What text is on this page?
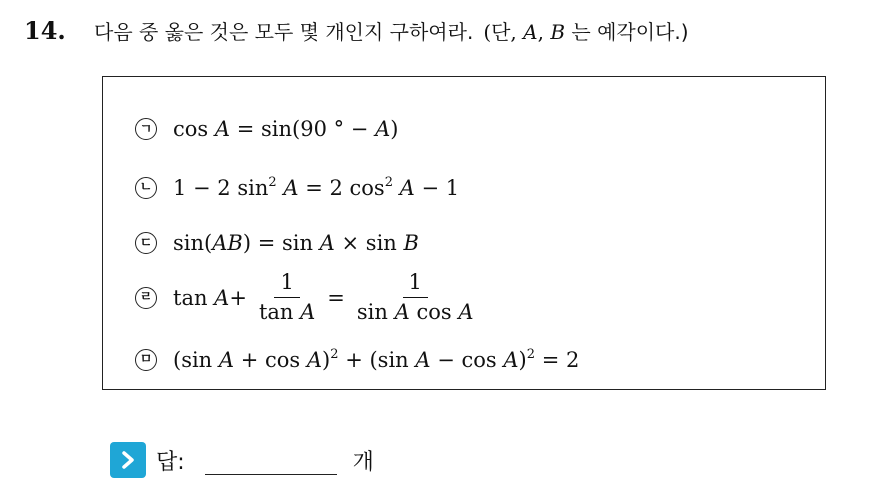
14.	다음 중 옳은 것은 모두 몇 개인지 구하여라. (단, A, B 는 예각이다.)
ㄱ cos A = sin(90 ° − A)
ㄴ 1 − 2 $\sin^2 A = 2$ $\cos^2 A - 1$
ㄷ sin(AB) = sin A × sin B
ㄹ tan
$A + \frac{1}{\text{tan A}} = \frac{1}{\text{sin A cos A}}$
ㅁ (sin A + cos A)$^2$ + (sin A − cos A)$^2$ = 2
답:	개
